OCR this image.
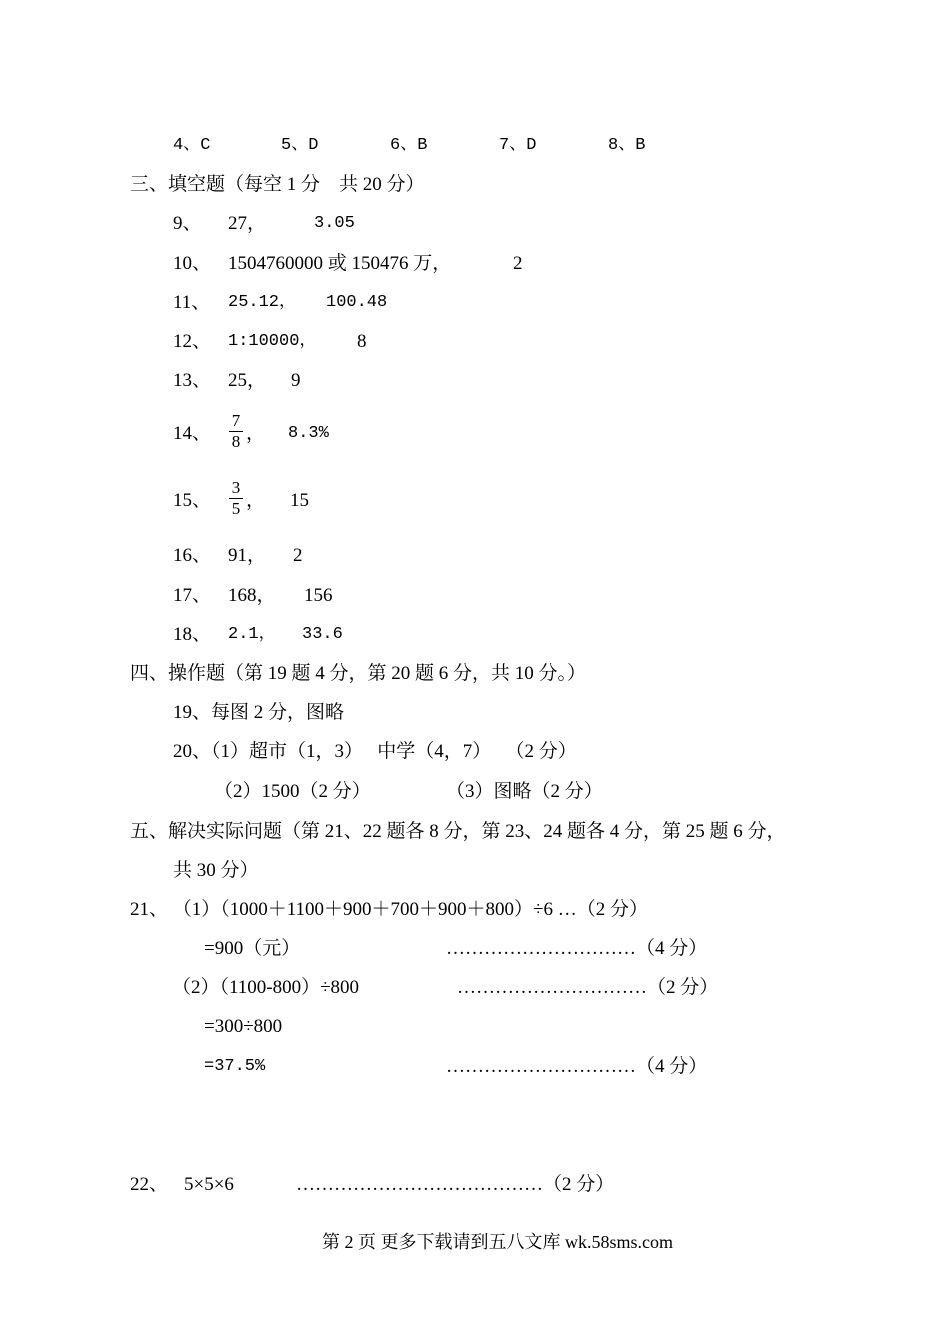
4、C	5、D	6、B	7、D	8、B
三、填空题（每空 1 分　共 20 分）
9、 27，	3.05
10、 1504760000 或 150476 万，	2
11、 25.12， 100.48
12、 1:10000， 8
13、 25， 9
14、
7
8 ， 8.3%
15、
3
5 ， 15
16、 91， 2
17、 168， 156
18、 2.1， 33.6
四、操作题（第 19 题 4 分，第 20 题 6 分，共 10 分。）
19、每图 2 分，图略
20、（1）超市（1，3）　 中学（4，7）　 （2 分）
（2）1500（2 分）	（3）图略（2 分）
五、解决实际问题（第 21、22 题各 8 分，第 23、24 题各 4 分，第 25 题 6 分，
共 30 分）
21、 （1）（1000＋1100＋900＋700＋900＋800）÷6 …（2 分）
=900（元）	…………………………（4 分）
（2）（1100-800）÷800	…………………………（2 分）
=300÷800
=37.5%	…………………………（4 分）
22、 5×5×6	…………………………………（2 分）
第 2 页 更多下载请到五八文库 wk.58sms.com
